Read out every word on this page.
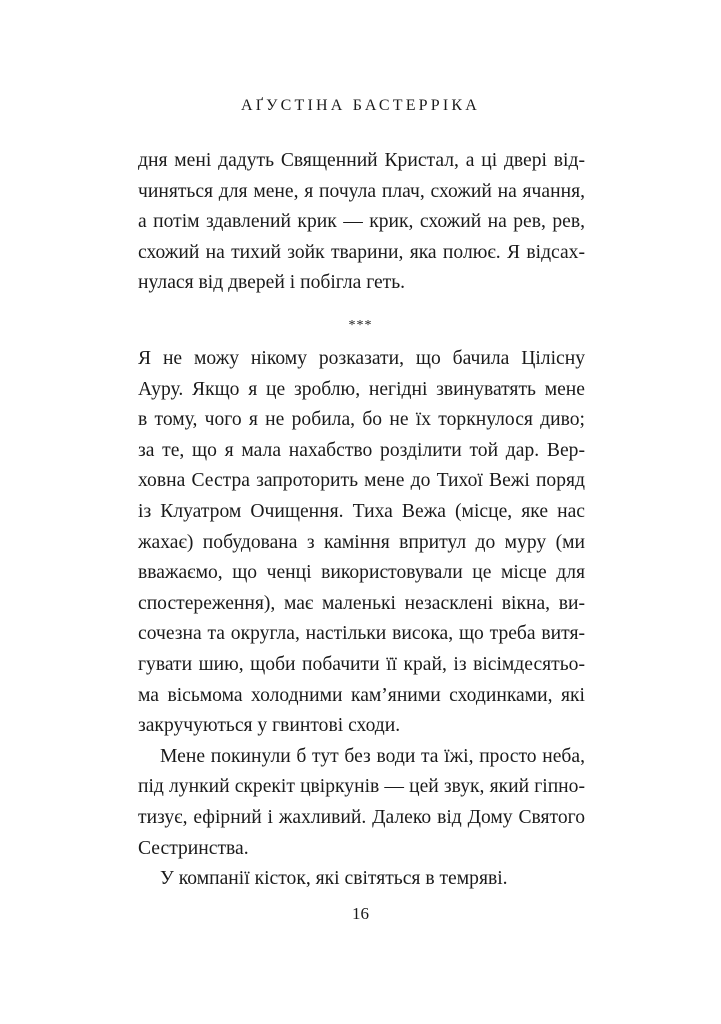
АҐУСТІНА БАСТЕРРІКА
дня мені дадуть Священний Кристал, а ці двері від-
чиняться для мене, я почула плач, схожий на ячання,
а потім здавлений крик — крик, схожий на рев, рев,
схожий на тихий зойк тварини, яка полює. Я відсах-
нулася від дверей і побігла геть.
***
Я не можу нікому розказати, що бачила Цілісну
Ауру. Якщо я це зроблю, негідні звинуватять мене
в тому, чого я не робила, бо не їх торкнулося диво;
за те, що я мала нахабство розділити той дар. Вер-
ховна Сестра запроторить мене до Тихої Вежі поряд
із Клуатром Очищення. Тиха Вежа (місце, яке нас
жахає) побудована з каміння впритул до муру (ми
вважаємо, що ченці використовували це місце для
спостереження), має маленькі незасклені вікна, ви-
сочезна та округла, настільки висока, що треба витя-
гувати шию, щоби побачити її край, із вісімдесятьо-
ма вісьмома холодними кам’яними сходинками, які
закручуються у гвинтові сходи.
Мене покинули б тут без води та їжі, просто неба,
під лункий скрекіт цвіркунів — цей звук, який гіпно-
тизує, ефірний і жахливий. Далеко від Дому Святого
Сестринства.
У компанії кісток, які світяться в темряві.
16
